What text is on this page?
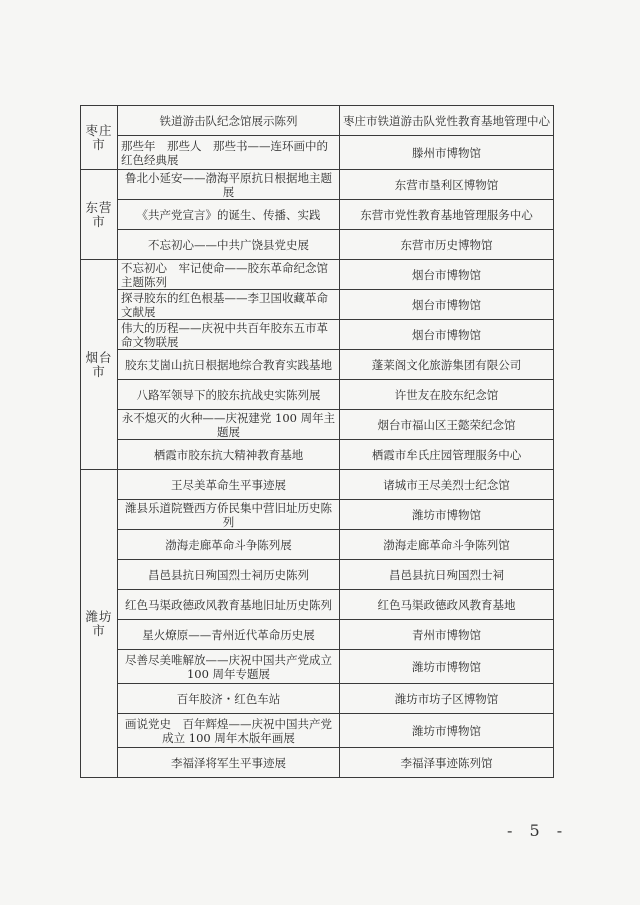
枣庄市	铁道游击队纪念馆展示陈列	枣庄市铁道游击队党性教育基地管理中心
	那些年　那些人　那些书——连环画中的红色经典展	滕州市博物馆
东营市	鲁北小延安——渤海平原抗日根据地主题展	东营市垦利区博物馆
	《共产党宣言》的诞生、传播、实践	东营市党性教育基地管理服务中心
	不忘初心——中共广饶县党史展	东营市历史博物馆
烟台市	不忘初心　牢记使命——胶东革命纪念馆主题陈列	烟台市博物馆
	探寻胶东的红色根基——李卫国收藏革命文献展	烟台市博物馆
	伟大的历程——庆祝中共百年胶东五市革命文物联展	烟台市博物馆
	胶东艾崮山抗日根据地综合教育实践基地	蓬莱阁文化旅游集团有限公司
	八路军领导下的胶东抗战史实陈列展	许世友在胶东纪念馆
	永不熄灭的火种——庆祝建党 100 周年主题展	烟台市福山区王懿荣纪念馆
	栖霞市胶东抗大精神教育基地	栖霞市牟氏庄园管理服务中心
潍坊市	王尽美革命生平事迹展	诸城市王尽美烈士纪念馆
	潍县乐道院暨西方侨民集中营旧址历史陈列	潍坊市博物馆
	渤海走廊革命斗争陈列展	渤海走廊革命斗争陈列馆
	昌邑县抗日殉国烈士祠历史陈列	昌邑县抗日殉国烈士祠
	红色马渠政德政风教育基地旧址历史陈列	红色马渠政德政风教育基地
	星火燎原——青州近代革命历史展	青州市博物馆
	尽善尽美唯解放——庆祝中国共产党成立 100 周年专题展	潍坊市博物馆
	百年胶济・红色车站	潍坊市坊子区博物馆
	画说党史　百年辉煌——庆祝中国共产党成立 100 周年木版年画展	潍坊市博物馆
	李福泽将军生平事迹展	李福泽事迹陈列馆
- 5 -
